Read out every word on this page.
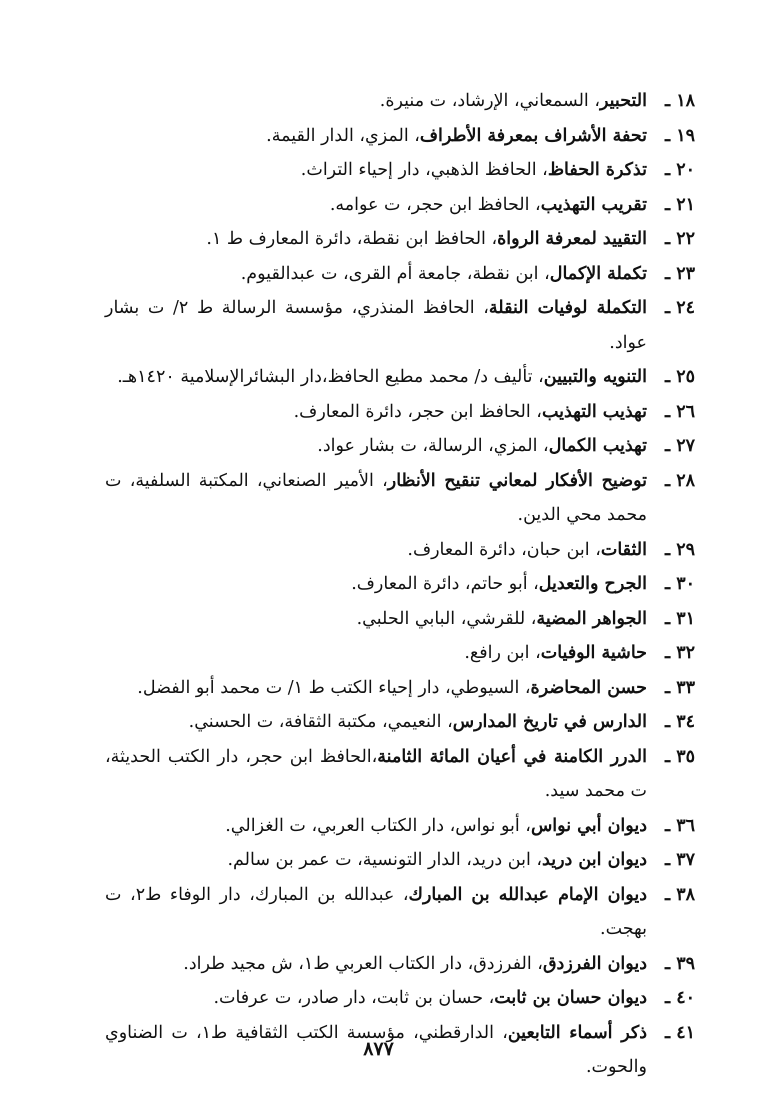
١٨ ـ
التحبير، السمعاني، الإرشاد، ت منيرة.
١٩ ـ
تحفة الأشراف بمعرفة الأطراف، المزي، الدار القيمة.
٢٠ ـ
تذكرة الحفاظ، الحافظ الذهبي، دار إحياء التراث.
٢١ ـ
تقريب التهذيب، الحافظ ابن حجر، ت عوامه.
٢٢ ـ
التقييد لمعرفة الرواة، الحافظ ابن نقطة، دائرة المعارف ط ١.
٢٣ ـ
تكملة الإكمال، ابن نقطة، جامعة أم القرى، ت عبدالقيوم.
٢٤ ـ
التكملة لوفيات النقلة، الحافظ المنذري، مؤسسة الرسالة ط ٢/ ت بشار عواد.
٢٥ ـ
التنويه والتبيين، تأليف د/ محمد مطيع الحافظ،دار البشائرالإسلامية ١٤٢٠هـ.
٢٦ ـ
تهذيب التهذيب، الحافظ ابن حجر، دائرة المعارف.
٢٧ ـ
تهذيب الكمال، المزي، الرسالة، ت بشار عواد.
٢٨ ـ
توضيح الأفكار لمعاني تنقيح الأنظار، الأمير الصنعاني، المكتبة السلفية، ت محمد محي الدين.
٢٩ ـ
الثقات، ابن حبان، دائرة المعارف.
٣٠ ـ
الجرح والتعديل، أبو حاتم، دائرة المعارف.
٣١ ـ
الجواهر المضية، للقرشي، البابي الحلبي.
٣٢ ـ
حاشية الوفيات، ابن رافع.
٣٣ ـ
حسن المحاضرة، السيوطي، دار إحياء الكتب ط ١/ ت محمد أبو الفضل.
٣٤ ـ
الدارس في تاريخ المدارس، النعيمي، مكتبة الثقافة، ت الحسني.
٣٥ ـ
الدرر الكامنة في أعيان المائة الثامنة،الحافظ ابن حجر، دار الكتب الحديثة، ت محمد سيد.
٣٦ ـ
ديوان أبي نواس، أبو نواس، دار الكتاب العربي، ت الغزالي.
٣٧ ـ
ديوان ابن دريد، ابن دريد، الدار التونسية، ت عمر بن سالم.
٣٨ ـ
ديوان الإمام عبدالله بن المبارك، عبدالله بن المبارك، دار الوفاء ط٢، ت بهجت.
٣٩ ـ
ديوان الفرزدق، الفرزدق، دار الكتاب العربي ط١، ش مجيد طراد.
٤٠ ـ
ديوان حسان بن ثابت، حسان بن ثابت، دار صادر، ت عرفات.
٤١ ـ
ذكر أسماء التابعين، الدارقطني، مؤسسة الكتب الثقافية ط١، ت الضناوي والحوت.
٨٧٧
